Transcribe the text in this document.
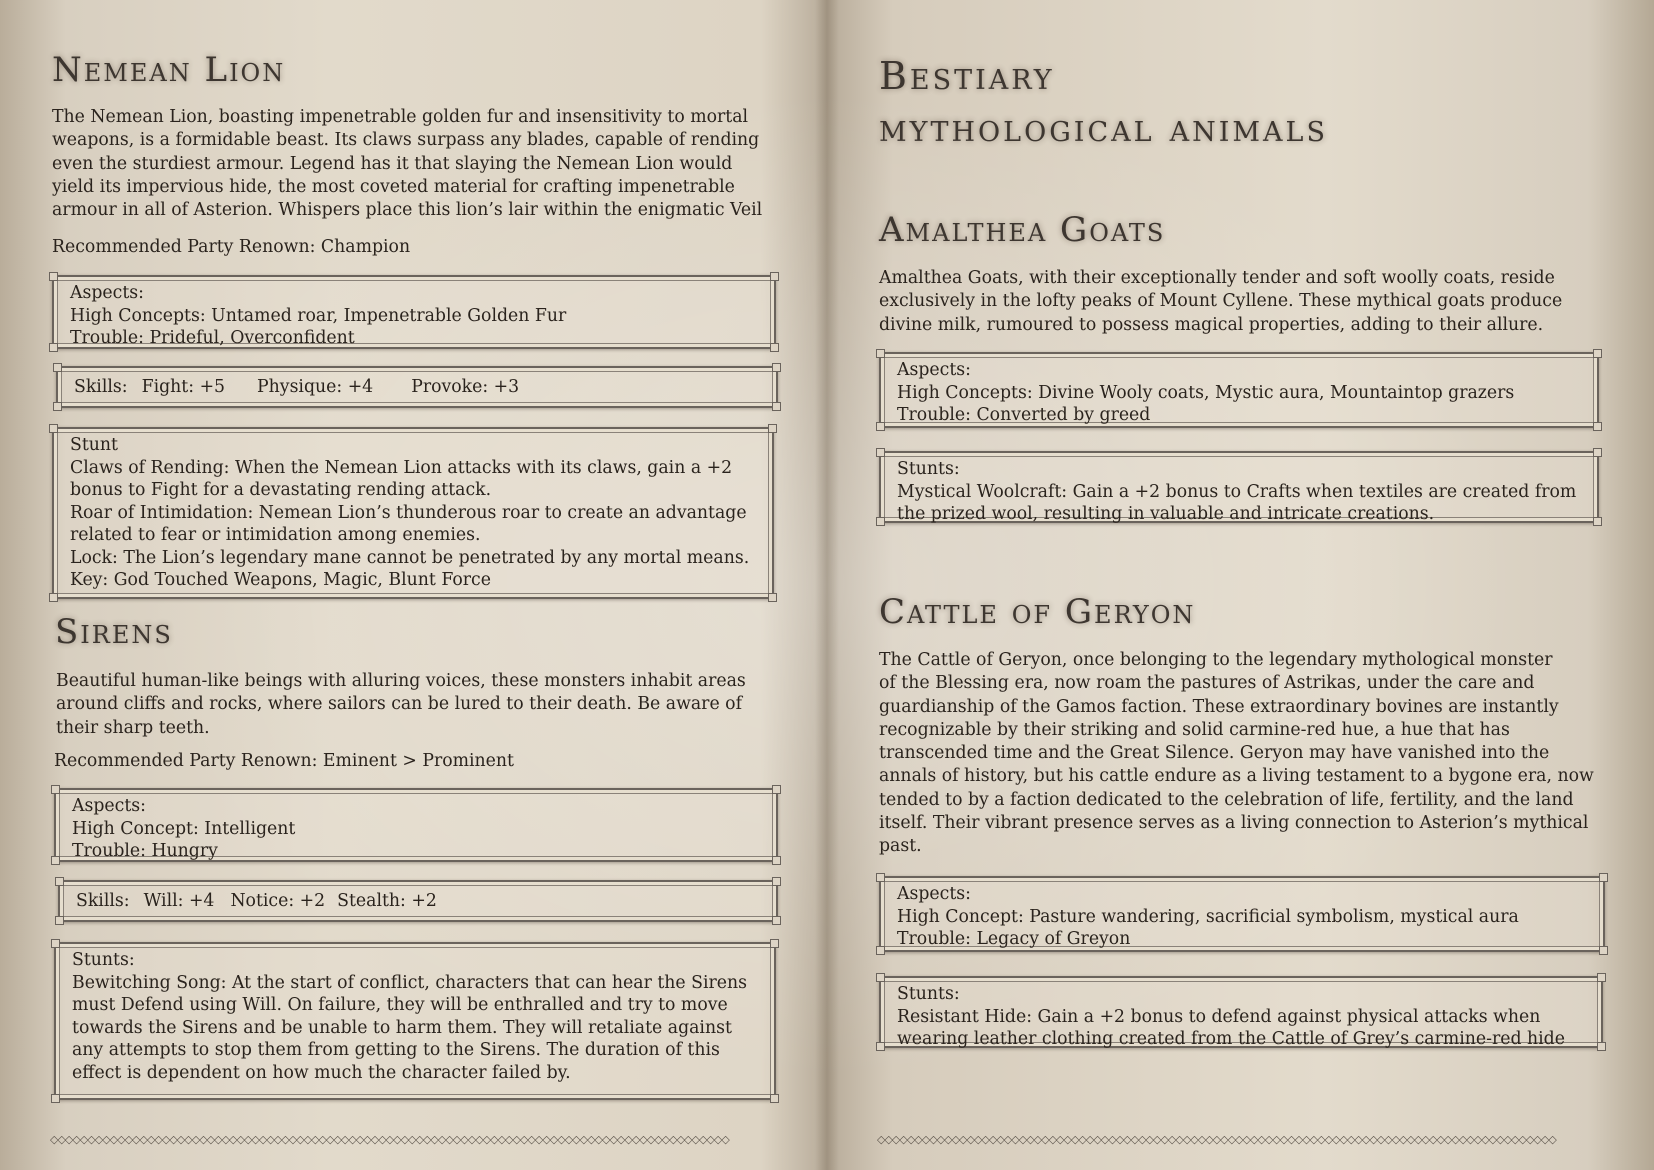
Nemean Lion

The Nemean Lion, boasting impenetrable golden fur and insensitivity to mortal
weapons, is a formidable beast. Its claws surpass any blades, capable of rending
even the sturdiest armour. Legend has it that slaying the Nemean Lion would
yield its impervious hide, the most coveted material for crafting impenetrable
armour in all of Asterion. Whispers place this lion’s lair within the enigmatic Veil

Recommended Party Renown: Champion

Aspects:
High Concepts: Untamed roar, Impenetrable Golden Fur
Trouble: Prideful, Overconfident
Skills: Fight: +5 Physique: +4 Provoke: +3
Stunt
Claws of Rending: When the Nemean Lion attacks with its claws, gain a +2
bonus to Fight for a devastating rending attack.
Roar of Intimidation: Nemean Lion’s thunderous roar to create an advantage
related to fear or intimidation among enemies.
Lock: The Lion’s legendary mane cannot be penetrated by any mortal means.
Key: God Touched Weapons, Magic, Blunt Force
Sirens

Beautiful human-like beings with alluring voices, these monsters inhabit areas
around cliffs and rocks, where sailors can be lured to their death. Be aware of
their sharp teeth.

Recommended Party Renown: Eminent > Prominent

Aspects:
High Concept: Intelligent
Trouble: Hungry
Skills: Will: +4 Notice: +2 Stealth: +2
Stunts:
Bewitching Song: At the start of conflict, characters that can hear the Sirens
must Defend using Will. On failure, they will be enthralled and try to move
towards the Sirens and be unable to harm them. They will retaliate against
any attempts to stop them from getting to the Sirens. The duration of this
effect is dependent on how much the character failed by.
◇◇◇◇◇◇◇◇◇◇◇◇◇◇◇◇◇◇◇◇◇◇◇◇◇◇◇◇◇◇◇◇◇◇◇◇◇◇◇◇◇◇◇◇◇◇◇◇◇◇◇◇◇◇◇◇◇◇◇◇◇◇◇◇◇◇◇◇◇◇◇◇◇◇◇◇◇◇◇◇◇◇◇◇◇◇◇◇◇◇◇
Bestiary
mythological animals
Amalthea Goats

Amalthea Goats, with their exceptionally tender and soft woolly coats, reside
exclusively in the lofty peaks of Mount Cyllene. These mythical goats produce
divine milk, rumoured to possess magical properties, adding to their allure.

Aspects:
High Concepts: Divine Wooly coats, Mystic aura, Mountaintop grazers
Trouble: Converted by greed
Stunts:
Mystical Woolcraft: Gain a +2 bonus to Crafts when textiles are created from
the prized wool, resulting in valuable and intricate creations.
Cattle of Geryon

The Cattle of Geryon, once belonging to the legendary mythological monster
of the Blessing era, now roam the pastures of Astrikas, under the care and
guardianship of the Gamos faction. These extraordinary bovines are instantly
recognizable by their striking and solid carmine-red hue, a hue that has
transcended time and the Great Silence. Geryon may have vanished into the
annals of history, but his cattle endure as a living testament to a bygone era, now
tended to by a faction dedicated to the celebration of life, fertility, and the land
itself. Their vibrant presence serves as a living connection to Asterion’s mythical
past.

Aspects:
High Concept: Pasture wandering, sacrificial symbolism, mystical aura
Trouble: Legacy of Greyon
Stunts:
Resistant Hide: Gain a +2 bonus to defend against physical attacks when
wearing leather clothing created from the Cattle of Grey’s carmine-red hide
◇◇◇◇◇◇◇◇◇◇◇◇◇◇◇◇◇◇◇◇◇◇◇◇◇◇◇◇◇◇◇◇◇◇◇◇◇◇◇◇◇◇◇◇◇◇◇◇◇◇◇◇◇◇◇◇◇◇◇◇◇◇◇◇◇◇◇◇◇◇◇◇◇◇◇◇◇◇◇◇◇◇◇◇◇◇◇◇◇◇◇
